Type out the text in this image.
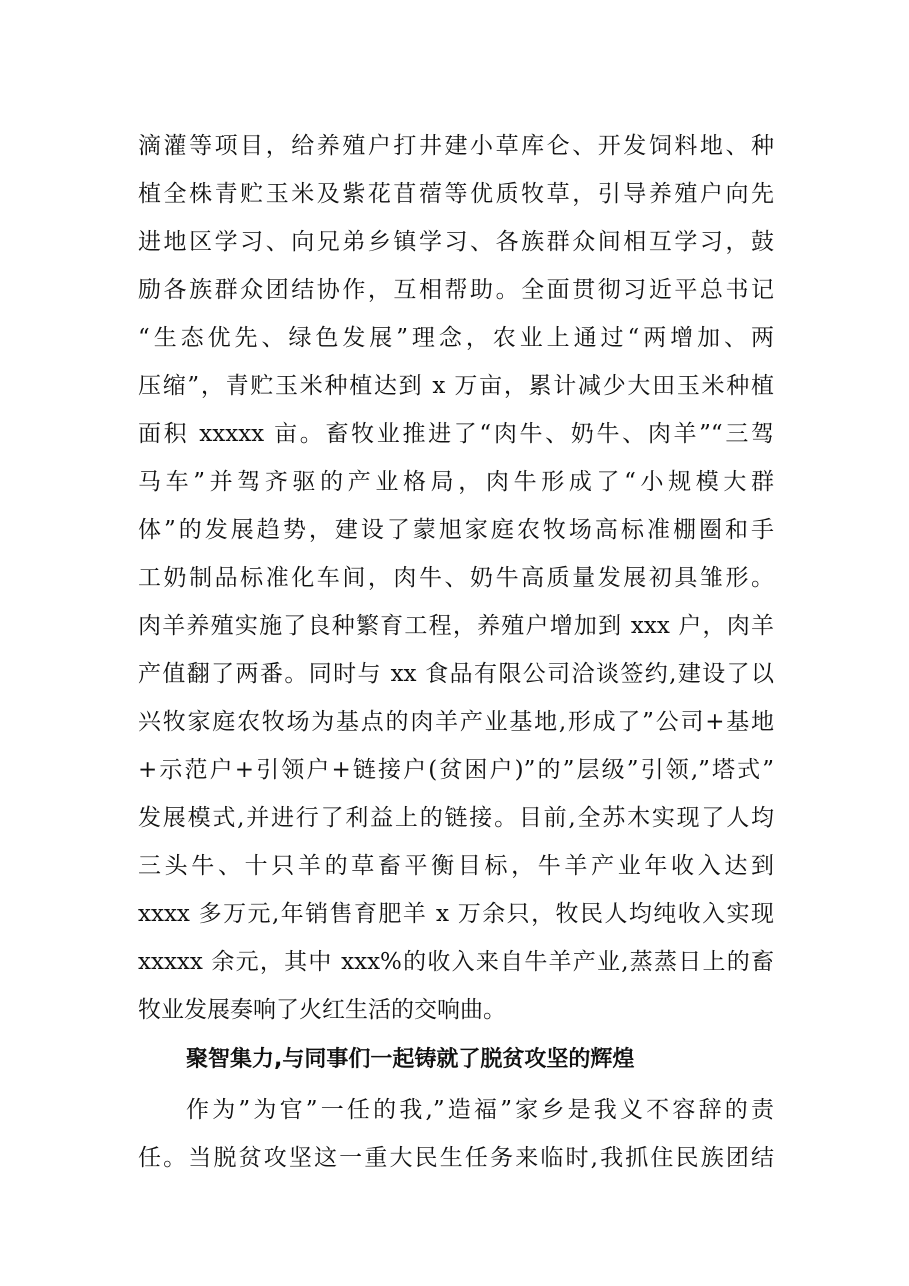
滴灌等项目，给养殖户打井建小草库仑、开发饲料地、种
植全株青贮玉米及紫花苜蓿等优质牧草，引导养殖户向先
进地区学习、向兄弟乡镇学习、各族群众间相互学习，鼓
励各族群众团结协作，互相帮助。全面贯彻习近平总书记
“生态优先、绿色发展”理念，农业上通过“两增加、两
压缩”，青贮玉米种植达到 x 万亩，累计减少大田玉米种植
面积 xxxxx 亩。畜牧业推进了“肉牛、奶牛、肉羊”“三驾
马车”并驾齐驱的产业格局，肉牛形成了“小规模大群
体”的发展趋势，建设了蒙旭家庭农牧场高标准棚圈和手
工奶制品标准化车间，肉牛、奶牛高质量发展初具雏形。
肉羊养殖实施了良种繁育工程，养殖户增加到 xxx 户，肉羊
产值翻了两番。同时与 xx 食品有限公司洽谈签约,建设了以
兴牧家庭农牧场为基点的肉羊产业基地,形成了”公司+基地
+示范户+引领户+链接户(贫困户)”的”层级”引领,”塔式”
发展模式,并进行了利益上的链接。目前,全苏木实现了人均
三头牛、十只羊的草畜平衡目标，牛羊产业年收入达到
xxxx 多万元,年销售育肥羊 x 万余只，牧民人均纯收入实现
xxxxx 余元，其中 xxx%的收入来自牛羊产业,蒸蒸日上的畜
牧业发展奏响了火红生活的交响曲。
聚智集力,与同事们一起铸就了脱贫攻坚的辉煌
作为”为官”一任的我,”造福”家乡是我义不容辞的责
任。当脱贫攻坚这一重大民生任务来临时,我抓住民族团结
